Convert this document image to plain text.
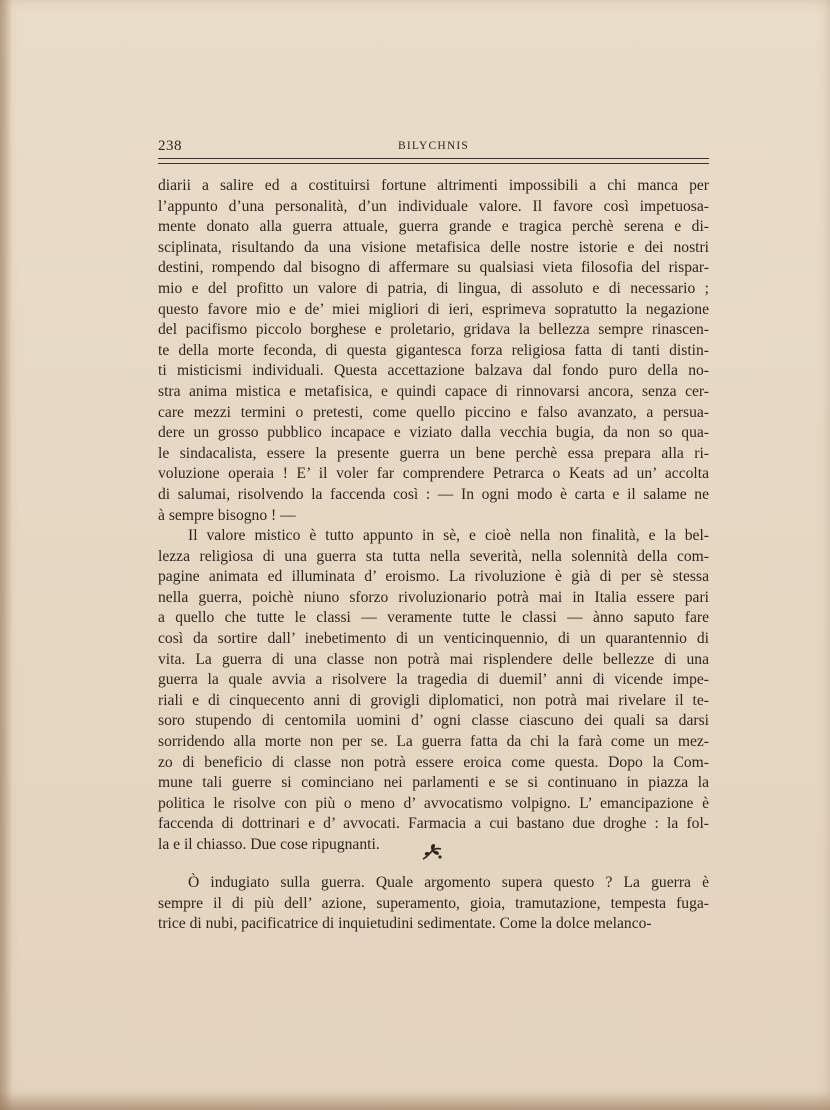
238	BILYCHNIS
diarii a salire ed a costituirsi fortune altrimenti impossibili a chi manca per
l’appunto d’una personalità, d’un individuale valore. Il favore così impetuosa-
mente donato alla guerra attuale, guerra grande e tragica perchè serena e di-
sciplinata, risultando da una visione metafisica delle nostre istorie e dei nostri
destini, rompendo dal bisogno di affermare su qualsiasi vieta filosofia del rispar-
mio e del profitto un valore di patria, di lingua, di assoluto e di necessario ;
questo favore mio e de’ miei migliori di ieri, esprimeva sopratutto la negazione
del pacifismo piccolo borghese e proletario, gridava la bellezza sempre rinascen-
te della morte feconda, di questa gigantesca forza religiosa fatta di tanti distin-
ti misticismi individuali. Questa accettazione balzava dal fondo puro della no-
stra anima mistica e metafisica, e quindi capace di rinnovarsi ancora, senza cer-
care mezzi termini o pretesti, come quello piccino e falso avanzato, a persua-
dere un grosso pubblico incapace e viziato dalla vecchia bugia, da non so qua-
le sindacalista, essere la presente guerra un bene perchè essa prepara alla ri-
voluzione operaia ! E’ il voler far comprendere Petrarca o Keats ad un’ accolta
di salumai, risolvendo la faccenda così : — In ogni modo è carta e il salame ne
à sempre bisogno ! —
Il valore mistico è tutto appunto in sè, e cioè nella non finalità, e la bel-
lezza religiosa di una guerra sta tutta nella severità, nella solennità della com-
pagine animata ed illuminata d’ eroismo. La rivoluzione è già di per sè stessa
nella guerra, poichè niuno sforzo rivoluzionario potrà mai in Italia essere pari
a quello che tutte le classi — veramente tutte le classi — ànno saputo fare
così da sortire dall’ inebetimento di un venticinquennio, di un quarantennio di
vita. La guerra di una classe non potrà mai risplendere delle bellezze di una
guerra la quale avvia a risolvere la tragedia di duemil’ anni di vicende impe-
riali e di cinquecento anni di grovigli diplomatici, non potrà mai rivelare il te-
soro stupendo di centomila uomini d’ ogni classe ciascuno dei quali sa darsi
sorridendo alla morte non per se. La guerra fatta da chi la farà come un mez-
zo di beneficio di classe non potrà essere eroica come questa. Dopo la Com-
mune tali guerre si cominciano nei parlamenti e se si continuano in piazza la
politica le risolve con più o meno d’ avvocatismo volpigno. L’ emancipazione è
faccenda di dottrinari e d’ avvocati. Farmacia a cui bastano due droghe : la fol-
la e il chiasso. Due cose ripugnanti.
Ò indugiato sulla guerra. Quale argomento supera questo ? La guerra è
sempre il di più dell’ azione, superamento, gioia, tramutazione, tempesta fuga-
trice di nubi, pacificatrice di inquietudini sedimentate. Come la dolce melanco-
